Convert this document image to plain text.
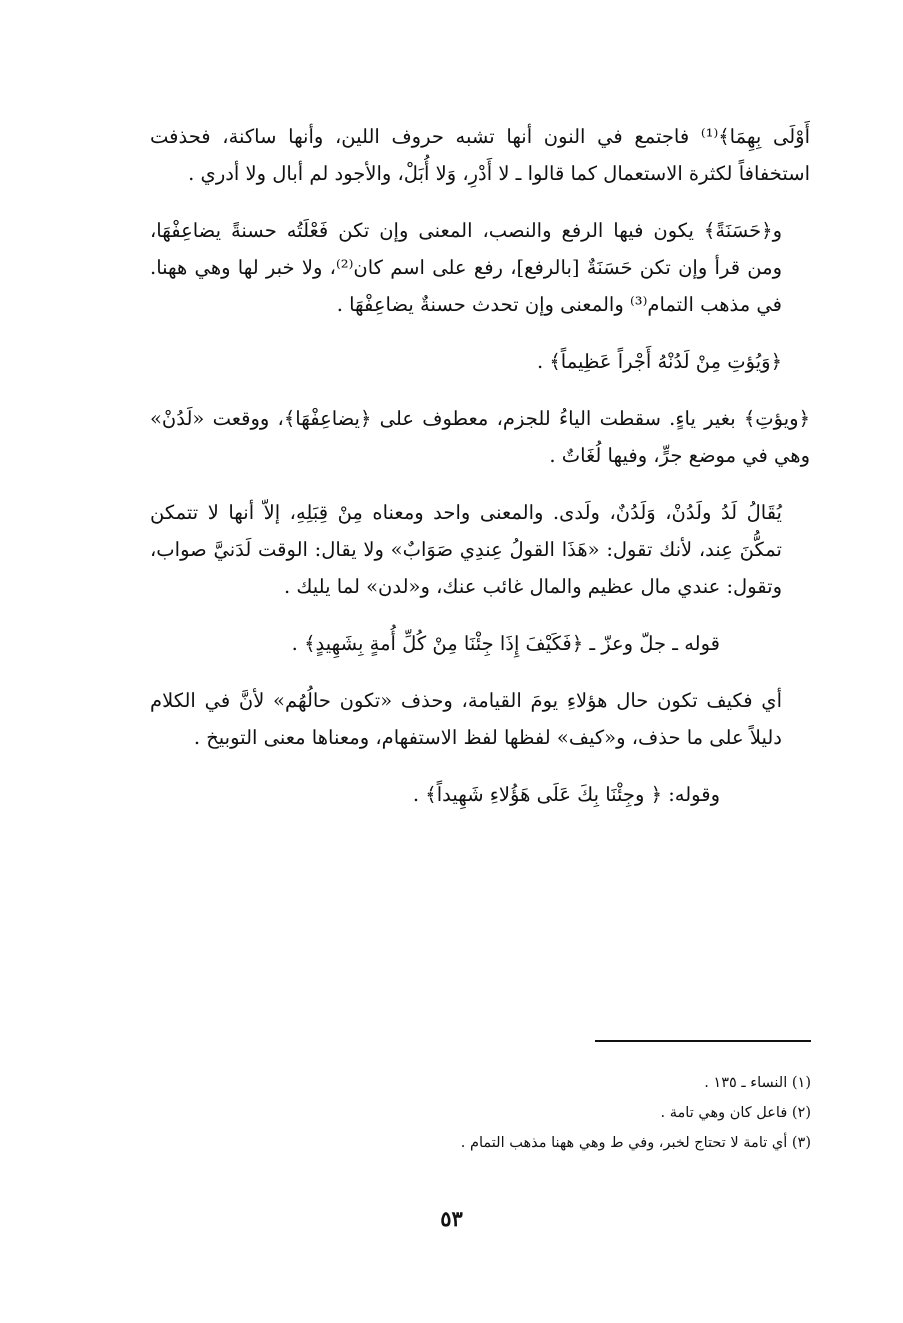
أَوْلَى بِهِمَا﴾⁽¹⁾ فاجتمع في النون أنها تشبه حروف اللين، وأنها ساكنة، فحذفت استخفافاً لكثرة الاستعمال كما قالوا ـ لا أَدْرِ، وَلا أُبَلْ، والأجود لم أبال ولا أدري .

و﴿حَسَنَةً﴾ يكون فيها الرفع والنصب، المعنى وإن تكن فَعْلَتُه حسنةً يضاعِفْهَا، ومن قرأ وإن تكن حَسَنَةٌ [بالرفع]، رفع على اسم كان⁽²⁾، ولا خبر لها وهي ههنا. في مذهب التمام⁽³⁾ والمعنى وإن تحدث حسنةٌ يضاعِفْهَا .

﴿وَيُؤتِ مِنْ لَدُنْهُ أَجْراً عَظِيماً﴾ .

﴿ويؤتِ﴾ بغير ياءٍ. سقطت الياءُ للجزم، معطوف على ﴿يضاعِفْهَا﴾، ووقعت «لَدُنْ» وهي في موضع جرٍّ، وفيها لُغَاتٌ .

يُقَالُ لَدُ ولَدُنْ، وَلَدُنٌ، ولَدى. والمعنى واحد ومعناه مِنْ قِبَلِهِ، إلاّ أنها لا تتمكن تمكُّنَ عِند، لأنك تقول: «هَذَا القولُ عِندِي صَوَابٌ» ولا يقال: الوقت لَدَنيَّ صواب، وتقول: عندي مال عظيم والمال غائب عنك، و«لدن» لما يليك .

قوله ـ جلّ وعزّ ـ ﴿فَكَيْفَ إِذَا جِئْنَا مِنْ كُلِّ أُمةٍ بِشَهِيدٍ﴾ .

أي فكيف تكون حال هؤلاءِ يومَ القيامة، وحذف «تكون حالُهُم» لأنَّ في الكلام دليلاً على ما حذف، و«كيف» لفظها لفظ الاستفهام، ومعناها معنى التوبيخ .

وقوله: ﴿ وجِئْنَا بِكَ عَلَى هَؤُلاءِ شَهِيداً﴾ .

(١) النساء ـ ١٣٥ .
(٢) فاعل كان وهي تامة .
(٣) أي تامة لا تحتاج لخبر، وفي ط وهي ههنا مذهب التمام .
٥٣
